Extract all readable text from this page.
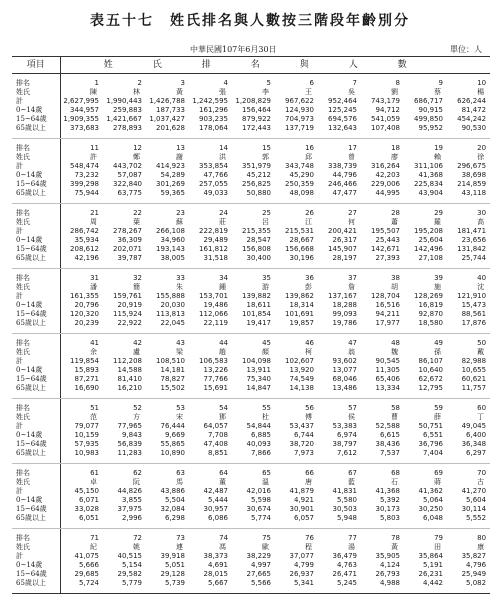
表五十七　姓氏排名與人數按三階段年齡別分
中華民國107年6月30日	單位：人
項目	姓氏排名與人數									
排名	1	2	3	4	5	6	7	8	9	10
姓氏	陳	林	黃	張	李	王	吳	劉	蔡	楊
計	2,627,995	1,990,443	1,426,788	1,242,595	1,208,829	967,622	952,464	743,179	686,717	626,244
0~14歲	344,957	259,883	187,733	161,296	156,464	124,930	125,245	94,712	90,915	81,472
15~64歲	1,909,355	1,421,667	1,037,427	903,235	879,922	704,973	694,576	541,059	499,850	454,242
65歲以上	373,683	278,893	201,628	178,064	172,443	137,719	132,643	107,408	95,952	90,530
排名	11	12	13	14	15	16	17	18	19	20
姓氏	許	鄭	謝	洪	郭	邱	曾	廖	賴	徐
計	548,474	443,702	414,923	353,854	351,979	343,748	338,739	316,264	311,106	296,675
0~14歲	73,232	57,087	54,289	47,766	45,212	45,290	44,796	42,203	41,368	38,698
15~64歲	399,298	322,840	301,269	257,055	256,825	250,359	246,466	229,006	225,834	214,859
65歲以上	75,944	63,775	59,365	49,033	50,880	48,098	47,477	44,995	43,904	43,118
排名	21	22	23	24	25	26	27	28	29	30
姓氏	周	葉	蘇	莊	呂	江	何	蕭	羅	高
計	286,742	278,267	266,108	222,819	215,355	215,531	200,421	195,507	195,208	181,471
0~14歲	35,934	36,309	34,960	29,489	28,547	28,667	26,317	25,443	25,604	23,656
15~64歲	208,612	202,071	193,143	161,812	156,808	156,668	145,907	142,671	142,496	131,842
65歲以上	42,196	39,787	38,005	31,518	30,400	30,196	28,197	27,393	27,108	25,744
排名	31	32	33	34	35	36	37	38	39	40
姓氏	潘	簡	朱	鍾	游	彭	詹	胡	施	沈
計	161,355	159,761	155,888	153,701	139,882	139,862	137,167	128,704	128,269	121,910
0~14歲	20,796	20,919	20,030	19,486	18,611	18,314	18,288	16,516	16,819	15,473
15~64歲	120,320	115,924	113,813	112,066	101,854	101,691	99,093	94,211	92,870	88,561
65歲以上	20,239	22,922	22,045	22,119	19,417	19,857	19,786	17,977	18,580	17,876
排名	41	42	43	44	45	46	47	48	49	50
姓氏	余	盧	梁	趙	顏	柯	翁	魏	孫	戴
計	119,854	112,208	108,510	106,583	104,098	102,607	93,602	90,545	86,107	82,988
0~14歲	15,893	14,588	14,181	13,226	13,911	13,920	13,077	11,305	10,640	10,655
15~64歲	87,271	81,410	78,827	77,766	75,340	74,549	68,046	65,406	62,672	60,621
65歲以上	16,690	16,210	15,502	15,691	14,847	14,138	13,486	13,334	12,795	11,757
排名	51	52	53	54	55	56	57	58	59	60
姓氏	范	方	宋	鄧	杜	傅	侯	曹	薛	丁
計	79,077	77,965	76,444	64,057	54,844	53,437	53,383	52,588	50,751	49,045
0~14歲	10,159	9,843	9,669	7,708	6,885	6,744	6,974	6,615	6,551	6,400
15~64歲	57,935	56,839	55,865	47,408	40,093	38,720	38,797	38,436	36,796	36,348
65歲以上	10,983	11,283	10,890	8,851	7,866	7,973	7,612	7,537	7,404	6,297
排名	61	62	63	64	65	66	67	68	69	70
姓氏	卓	阮	馬	董	溫	唐	藍	石	蔣	古
計	45,150	44,826	43,886	42,487	42,016	41,879	41,831	41,368	41,362	41,270
0~14歲	6,071	3,855	5,504	5,444	5,598	4,921	5,580	5,392	5,064	5,604
15~64歲	33,028	37,975	32,084	30,957	30,674	30,901	30,503	30,173	30,250	30,114
65歲以上	6,051	2,996	6,298	6,086	5,774	6,057	5,948	5,803	6,048	5,552
排名	71	72	73	74	75	76	77	78	79	80
姓氏	紀	姚	連	馮	歐	程	湯	黃	田	康
計	41,075	40,515	39,918	38,373	38,229	37,077	36,479	35,905	35,864	35,827
0~14歲	5,666	5,154	5,051	4,691	4,997	4,799	4,763	4,124	5,191	4,796
15~64歲	29,685	29,582	29,128	28,015	27,665	26,937	26,471	26,793	26,231	25,949
65歲以上	5,724	5,779	5,739	5,667	5,566	5,341	5,245	4,988	4,442	5,082
